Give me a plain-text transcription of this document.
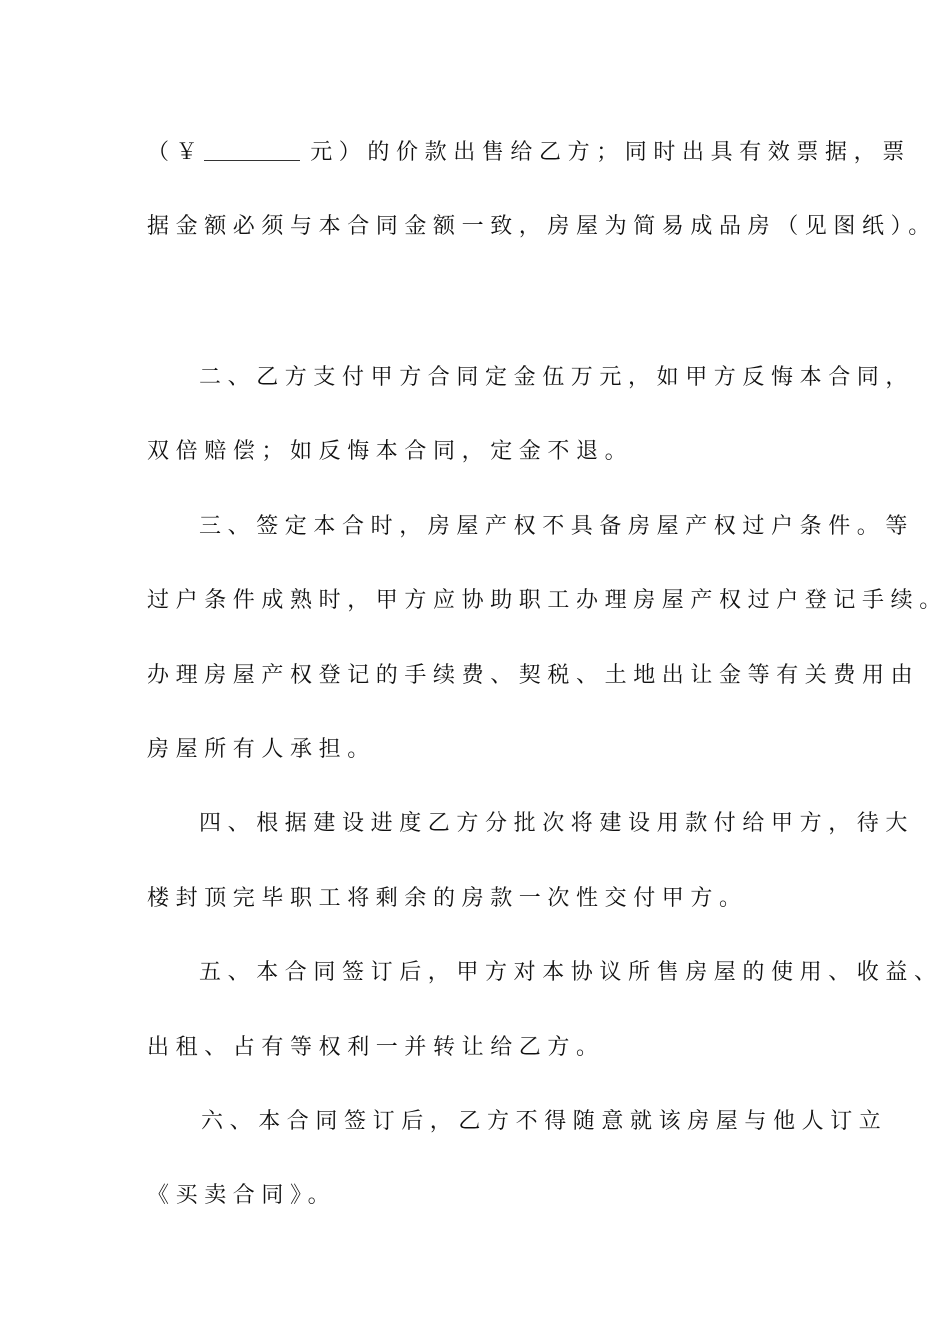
（￥	元）的价款出售给乙方；同时出具有效票据，票
据金额必须与本合同金额一致，房屋为简易成品房（见图纸）。
二、乙方支付甲方合同定金伍万元，如甲方反悔本合同，
双倍赔偿；如反悔本合同，定金不退。
三、签定本合时，房屋产权不具备房屋产权过户条件。等
过户条件成熟时，甲方应协助职工办理房屋产权过户登记手续。
办理房屋产权登记的手续费、契税、土地出让金等有关费用由
房屋所有人承担。
四、根据建设进度乙方分批次将建设用款付给甲方，待大
楼封顶完毕职工将剩余的房款一次性交付甲方。
五、本合同签订后，甲方对本协议所售房屋的使用、收益、
出租、占有等权利一并转让给乙方。
六、本合同签订后，乙方不得随意就该房屋与他人订立
《买卖合同》。
